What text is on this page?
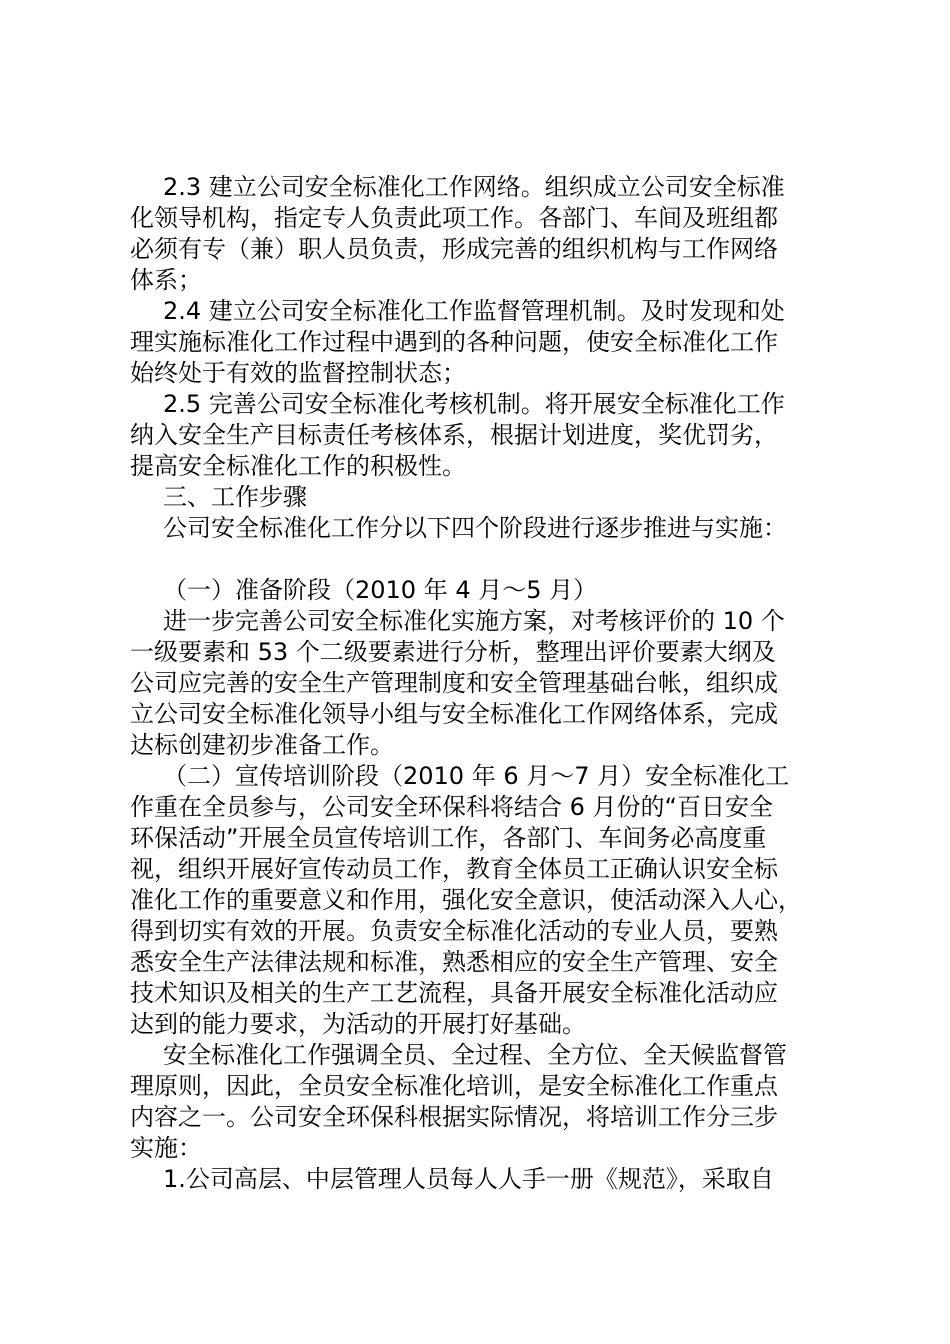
2.3 建立公司安全标准化工作网络。组织成立公司安全标准
化领导机构，指定专人负责此项工作。各部门、车间及班组都
必须有专（兼）职人员负责，形成完善的组织机构与工作网络
体系；
2.4 建立公司安全标准化工作监督管理机制。及时发现和处
理实施标准化工作过程中遇到的各种问题，使安全标准化工作
始终处于有效的监督控制状态；
2.5 完善公司安全标准化考核机制。将开展安全标准化工作
纳入安全生产目标责任考核体系，根据计划进度，奖优罚劣，
提高安全标准化工作的积极性。
三、工作步骤
公司安全标准化工作分以下四个阶段进行逐步推进与实施：
（一）准备阶段（2010 年 4 月～5 月）
进一步完善公司安全标准化实施方案，对考核评价的 10 个
一级要素和 53 个二级要素进行分析，整理出评价要素大纲及
公司应完善的安全生产管理制度和安全管理基础台帐，组织成
立公司安全标准化领导小组与安全标准化工作网络体系，完成
达标创建初步准备工作。
（二）宣传培训阶段（2010 年 6 月～7 月）安全标准化工
作重在全员参与，公司安全环保科将结合 6 月份的“百日安全
环保活动”开展全员宣传培训工作，各部门、车间务必高度重
视，组织开展好宣传动员工作，教育全体员工正确认识安全标
准化工作的重要意义和作用，强化安全意识，使活动深入人心，
得到切实有效的开展。负责安全标准化活动的专业人员，要熟
悉安全生产法律法规和标准，熟悉相应的安全生产管理、安全
技术知识及相关的生产工艺流程，具备开展安全标准化活动应
达到的能力要求，为活动的开展打好基础。
安全标准化工作强调全员、全过程、全方位、全天候监督管
理原则，因此，全员安全标准化培训，是安全标准化工作重点
内容之一。公司安全环保科根据实际情况，将培训工作分三步
实施：
1.公司高层、中层管理人员每人人手一册《规范》，采取自
